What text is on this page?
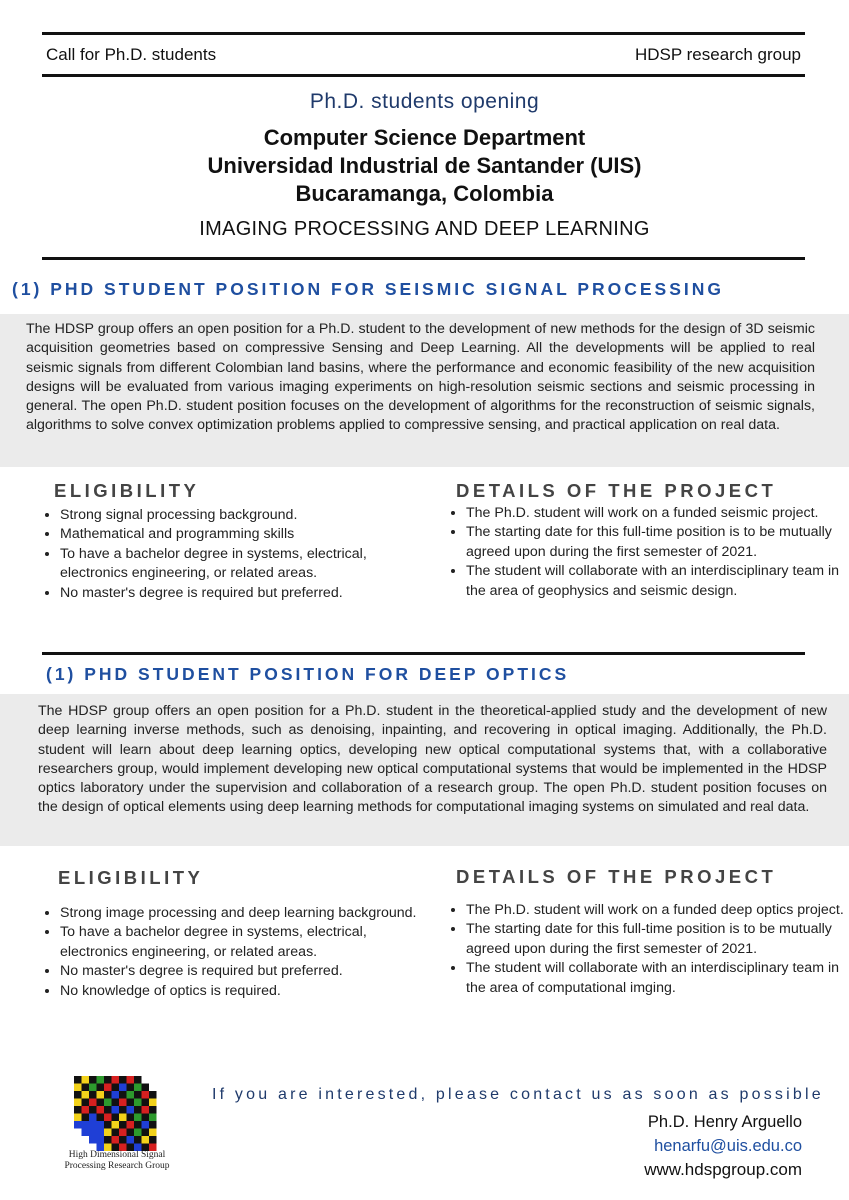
Call for Ph.D. students	HDSP research group
Ph.D. students opening
Computer Science Department
Universidad Industrial de Santander (UIS)
Bucaramanga, Colombia
IMAGING PROCESSING AND DEEP LEARNING
(1) PHD STUDENT POSITION FOR SEISMIC SIGNAL PROCESSING
The HDSP group offers an open position for a Ph.D. student to the development of new methods for the design of 3D seismic acquisition geometries based on compressive Sensing and Deep Learning. All the developments will be applied to real seismic signals from different Colombian land basins, where the performance and economic feasibility of the new acquisition designs will be evaluated from various imaging experiments on high-resolution seismic sections and seismic processing in general. The open Ph.D. student position focuses on the development of algorithms for the reconstruction of seismic signals, algorithms to solve convex optimization problems applied to compressive sensing, and practical application on real data.
ELIGIBILITY
• Strong signal processing background.
• Mathematical and programming skills
• To have a bachelor degree in systems, electrical, electronics engineering, or related areas.
• No master's degree is required but preferred.
DETAILS OF THE PROJECT
• The Ph.D. student will work on a funded seismic project.
• The starting date for this full-time position is to be mutually agreed upon during the first semester of 2021.
• The student will collaborate with an interdisciplinary team in the area of geophysics and seismic design.
(1) PHD STUDENT POSITION FOR DEEP OPTICS
The HDSP group offers an open position for a Ph.D. student in the theoretical-applied study and the development of new deep learning inverse methods, such as denoising, inpainting, and recovering in optical imaging. Additionally, the Ph.D. student will learn about deep learning optics, developing new optical computational systems that, with a collaborative researchers group, would implement developing new optical computational systems that would be implemented in the HDSP optics laboratory under the supervision and collaboration of a research group. The open Ph.D. student position focuses on the design of optical elements using deep learning methods for computational imaging systems on simulated and real data.
ELIGIBILITY
• Strong image processing and deep learning background.
• To have a bachelor degree in systems, electrical, electronics engineering, or related areas.
• No master's degree is required but preferred.
• No knowledge of optics is required.
DETAILS OF THE PROJECT
• The Ph.D. student will work on a funded deep optics project.
• The starting date for this full-time position is to be mutually agreed upon during the first semester of 2021.
• The student will collaborate with an interdisciplinary team in the area of computational imging.
High Dimensional Signal
Processing Research Group
If you are interested, please contact us as soon as possible
Ph.D. Henry Arguello
henarfu@uis.edu.co
www.hdspgroup.com
